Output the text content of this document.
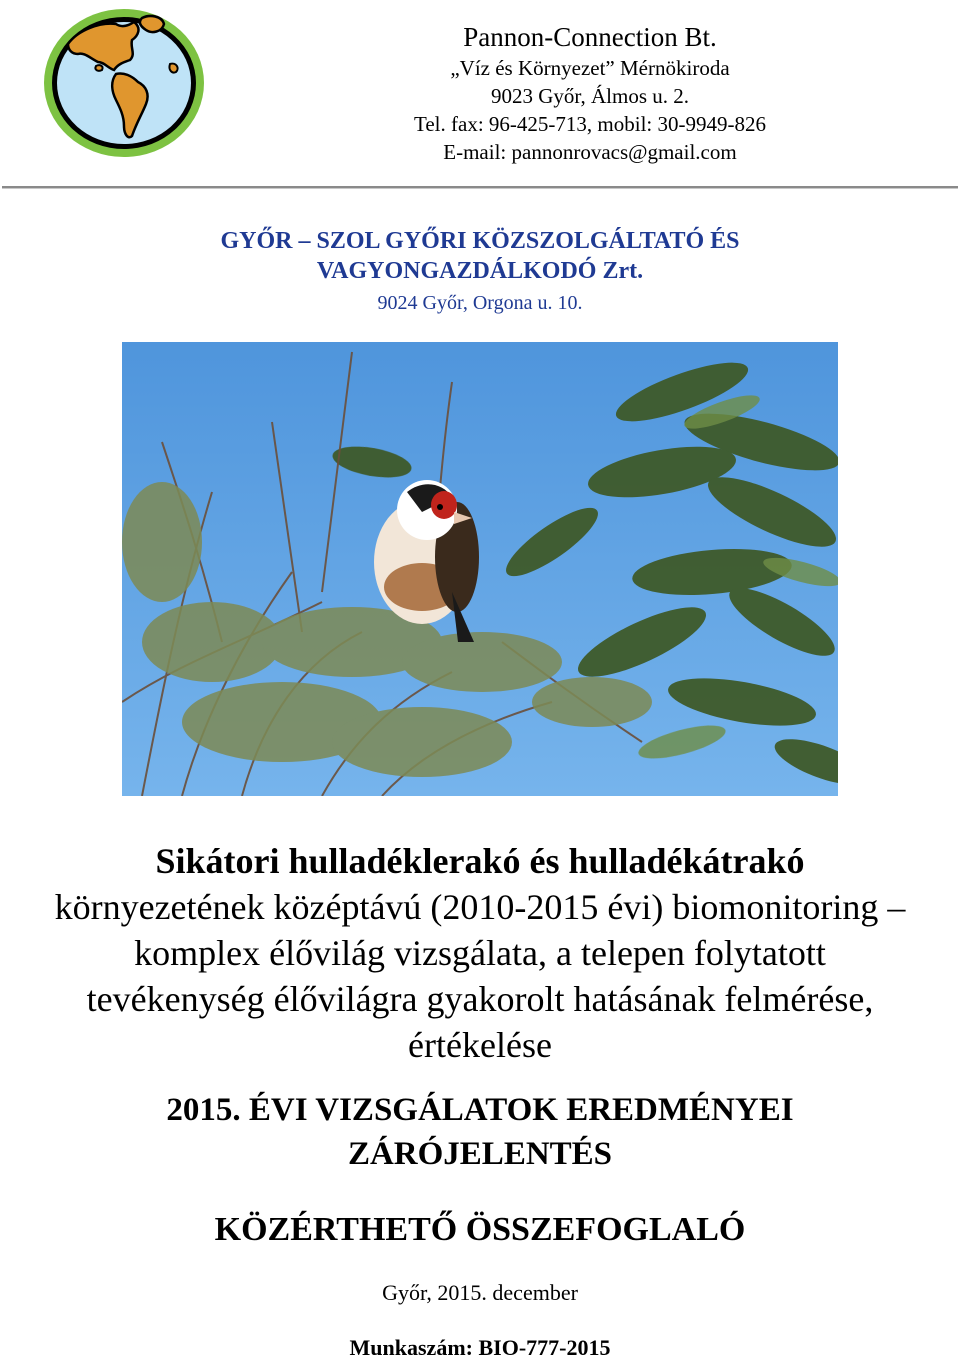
Pannon-Connection Bt.
„Víz és Környezet” Mérnökiroda
9023 Győr, Álmos u. 2.
Tel. fax: 96-425-713, mobil: 30-9949-826
E-mail: pannonrovacs@gmail.com
GYŐR – SZOL GYŐRI KÖZSZOLGÁLTATÓ ÉS
VAGYONGAZDÁLKODÓ Zrt.
9024 Győr, Orgona u. 10.
Sikátori hulladéklerakó és hulladékátrakó
környezetének középtávú (2010-2015 évi) biomonitoring –
komplex élővilág vizsgálata, a telepen folytatott
tevékenység élővilágra gyakorolt hatásának felmérése,
értékelése
2015. ÉVI VIZSGÁLATOK EREDMÉNYEI
ZÁRÓJELENTÉS
KÖZÉRTHETŐ ÖSSZEFOGLALÓ
Győr, 2015. december
Munkaszám: BIO-777-2015
